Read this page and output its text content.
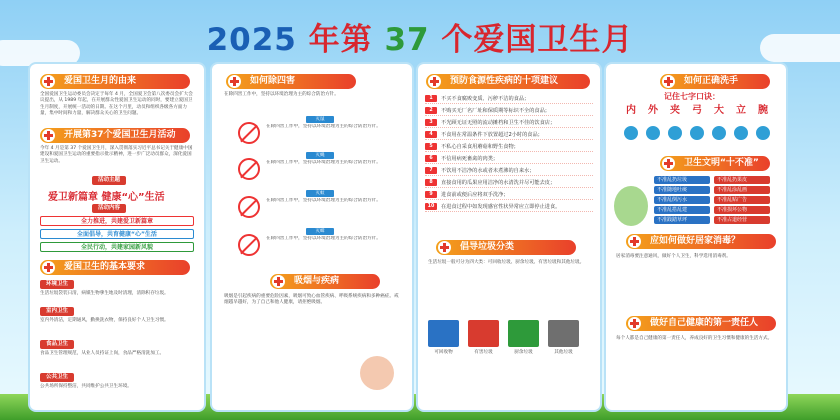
2025 年第 37 个爱国卫生月
爱国卫生月的由来
全国爱国卫生运动委员会决定于每年 4 月，全国爱卫会第八次委员会扩大会议提出，从 1989 年起，在开展群众性爱国卫生运动的同时，要建立爱国卫生月制度，开展统一活动的日期。在这个月里，动员和组织各级各方面力量，集中时间和力量，解决群众关心的卫生问题。
开展第37个爱国卫生月活动
今年 4 月是第 37 个爱国卫生月，深入贯彻落实习近平总书记关于健康中国建设和爱国卫生运动的重要指示批示精神，进一步广泛动员群众，深化爱国卫生运动。
活动主题
爱卫新篇章 健康“心”生活
活动内容
全力推进，共建爱卫新篇章
全面倡导，共育健康“心”生活
全民行动，共建家园新风貌
爱国卫生的基本要求
环境卫生
生活垃圾袋装日清，病媒生物孳生地及时清理，清除积存垃圾。
室内卫生
室内外清洁，定期通风，勤换洗衣物，保持良好个人卫生习惯。
食品卫生
食品卫生管理规范，从业人员持证上岗，食品严格清洗加工。
公共卫生
公共场所保持整洁，共同维护公共卫生环境。
如何除四害
在除四害工作中，坚持以环境治理为主的综合防治方针。
灭鼠
在除四害工作中，坚持以环境治理为主的综合防治方针。
灭蝇
在除四害工作中，坚持以环境治理为主的综合防治方针。
灭蚊
在除四害工作中，坚持以环境治理为主的综合防治方针。
灭蟑
在除四害工作中，坚持以环境治理为主的综合防治方针。
吸烟与疾病
吸烟是引起疾病的重要危险因素，吸烟可致心血管疾病、呼吸系统疾病和多种癌症。戒烟越早越好，为了自己和他人健康，请拒绝吸烟。
预防食源性疾病的十项建议
1 不买不食腐败变质、污秽不洁的食品；
2 不购买无厂名厂址和保质期等标识不全的食品；
3 不光顾无证无照的流动摊档和卫生不佳的饮食店；
4 不食用在常温条件下放置超过2小时的食品；
5 不私心自采食用蘑菇和野生食物；
6 不信用病死畜禽的肉类；
7 不饮用不洁净的水或者未煮沸的自来水；
8 直接食用的瓜果应用洁净的水清洗并尽可能去皮；
9 进食前或便后应将双手洗净；
10 在进食过程中如发现感官性状异常应立即停止进食。
倡导垃圾分类
生活垃圾一般可分为四大类：可回收垃圾、厨余垃圾、有害垃圾和其他垃圾。
可回收物	有害垃圾	厨余垃圾	其他垃圾
如何正确洗手
记住七字口诀：
内 外 夹 弓 大 立 腕
卫生文明“十不准”
不准乱扔垃圾	不准乱扔果皮
不准随地吐痰	不准乱涂乱画
不准乱倒污水	不准乱贴广告
不准乱搭乱建	不准损坏公物
不准践踏草坪	不准占道经营
应如何做好居家消毒？
居家消毒要注意通风，做好个人卫生，科学选用消毒剂。
做好自己健康的第一责任人
每个人都是自己健康的第一责任人，养成良好的卫生习惯和健康的生活方式。
